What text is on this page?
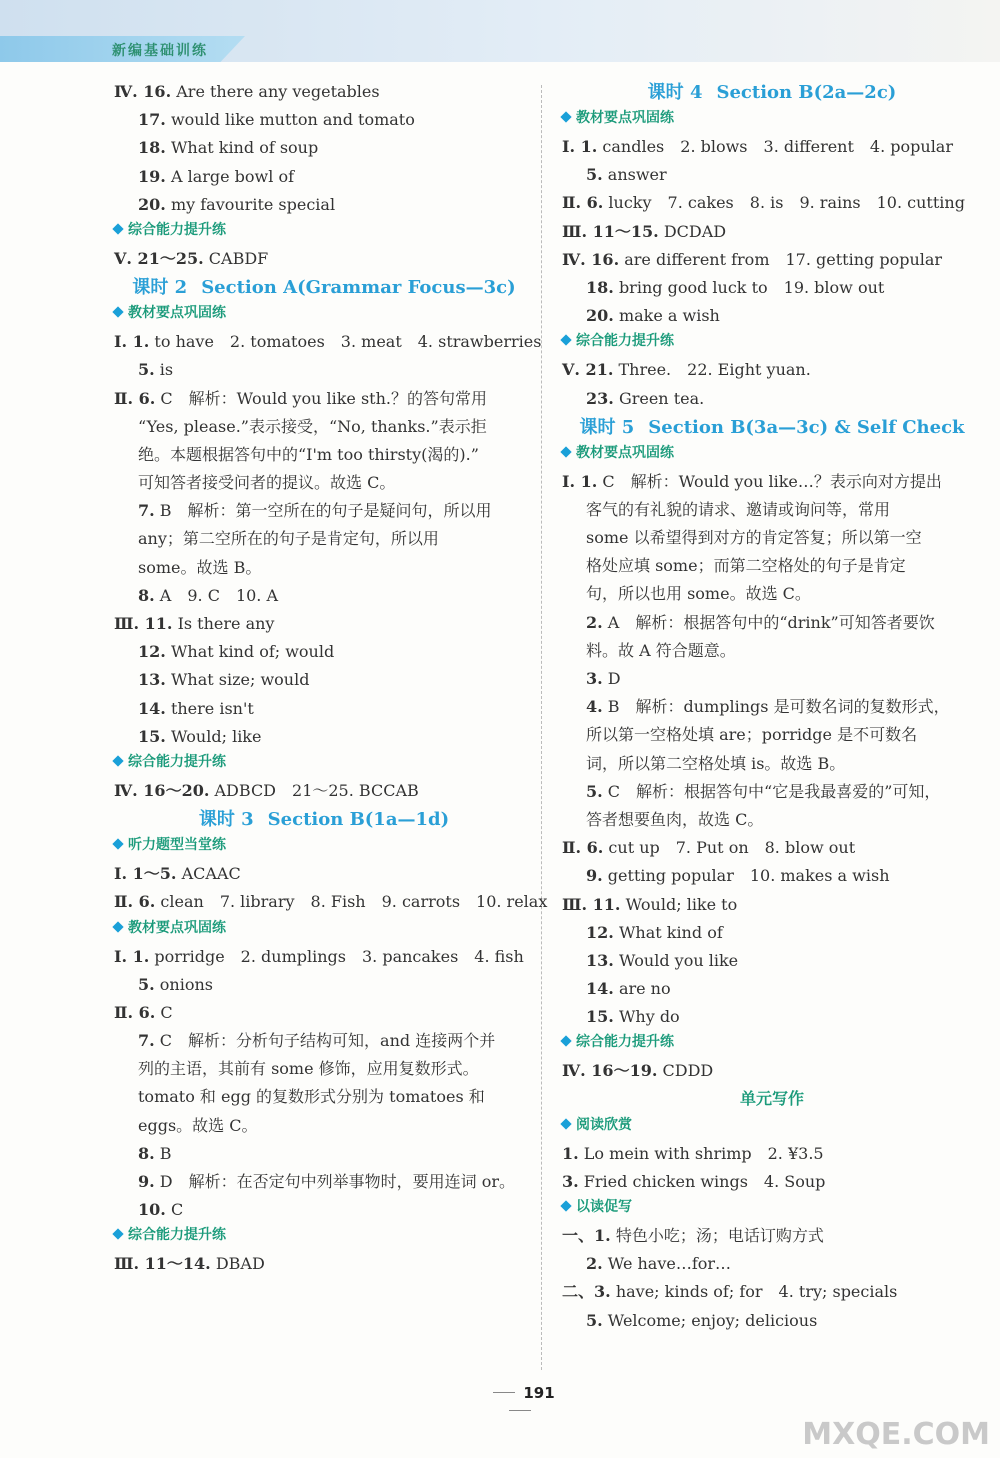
新编基础训练
Ⅳ. 16. Are there any vegetables
17. would like mutton and tomato
18. What kind of soup
19. A large bowl of
20. my favourite special
综合能力提升练
Ⅴ. 21～25. CABDF
课时 2 Section A(Grammar Focus—3c)
教材要点巩固练
Ⅰ. 1. to have　2. tomatoes　3. meat　4. strawberries
5. is
Ⅱ. 6. C　解析：Would you like sth.？的答句常用
“Yes, please.”表示接受，“No, thanks.”表示拒
绝。本题根据答句中的“I'm too thirsty(渴的).”
可知答者接受问者的提议。故选 C。
7. B　解析：第一空所在的句子是疑问句，所以用
any；第二空所在的句子是肯定句，所以用
some。故选 B。
8. A　9. C　10. A
Ⅲ. 11. Is there any
12. What kind of; would
13. What size; would
14. there isn't
15. Would; like
综合能力提升练
Ⅳ. 16～20. ADBCD　21～25. BCCAB
课时 3 Section B(1a—1d)
听力题型当堂练
Ⅰ. 1～5. ACAAC
Ⅱ. 6. clean　7. library　8. Fish　9. carrots　10. relax
教材要点巩固练
Ⅰ. 1. porridge　2. dumplings　3. pancakes　4. fish
5. onions
Ⅱ. 6. C
7. C　解析：分析句子结构可知，and 连接两个并
列的主语，其前有 some 修饰，应用复数形式。
tomato 和 egg 的复数形式分别为 tomatoes 和
eggs。故选 C。
8. B
9. D　解析：在否定句中列举事物时，要用连词 or。
10. C
综合能力提升练
Ⅲ. 11～14. DBAD
课时 4 Section B(2a—2c)
教材要点巩固练
Ⅰ. 1. candles　2. blows　3. different　4. popular
5. answer
Ⅱ. 6. lucky　7. cakes　8. is　9. rains　10. cutting
Ⅲ. 11～15. DCDAD
Ⅳ. 16. are different from　17. getting popular
18. bring good luck to　19. blow out
20. make a wish
综合能力提升练
Ⅴ. 21. Three.　22. Eight yuan.
23. Green tea.
课时 5 Section B(3a—3c) & Self Check
教材要点巩固练
Ⅰ. 1. C　解析：Would you like…？表示向对方提出
客气的有礼貌的请求、邀请或询问等，常用
some 以希望得到对方的肯定答复；所以第一空
格处应填 some；而第二空格处的句子是肯定
句，所以也用 some。故选 C。
2. A　解析：根据答句中的“drink”可知答者要饮
料。故 A 符合题意。
3. D
4. B　解析：dumplings 是可数名词的复数形式，
所以第一空格处填 are；porridge 是不可数名
词，所以第二空格处填 is。故选 B。
5. C　解析：根据答句中“它是我最喜爱的”可知，
答者想要鱼肉，故选 C。
Ⅱ. 6. cut up　7. Put on　8. blow out
9. getting popular　10. makes a wish
Ⅲ. 11. Would; like to
12. What kind of
13. Would you like
14. are no
15. Why do
综合能力提升练
Ⅳ. 16～19. CDDD
单元写作
阅读欣赏
1. Lo mein with shrimp　2. ¥3.5
3. Fried chicken wings　4. Soup
以读促写
一、1. 特色小吃；汤；电话订购方式
2. We have…for…
二、3. have; kinds of; for　4. try; specials
5. Welcome; enjoy; delicious
191
MXQE.COM
